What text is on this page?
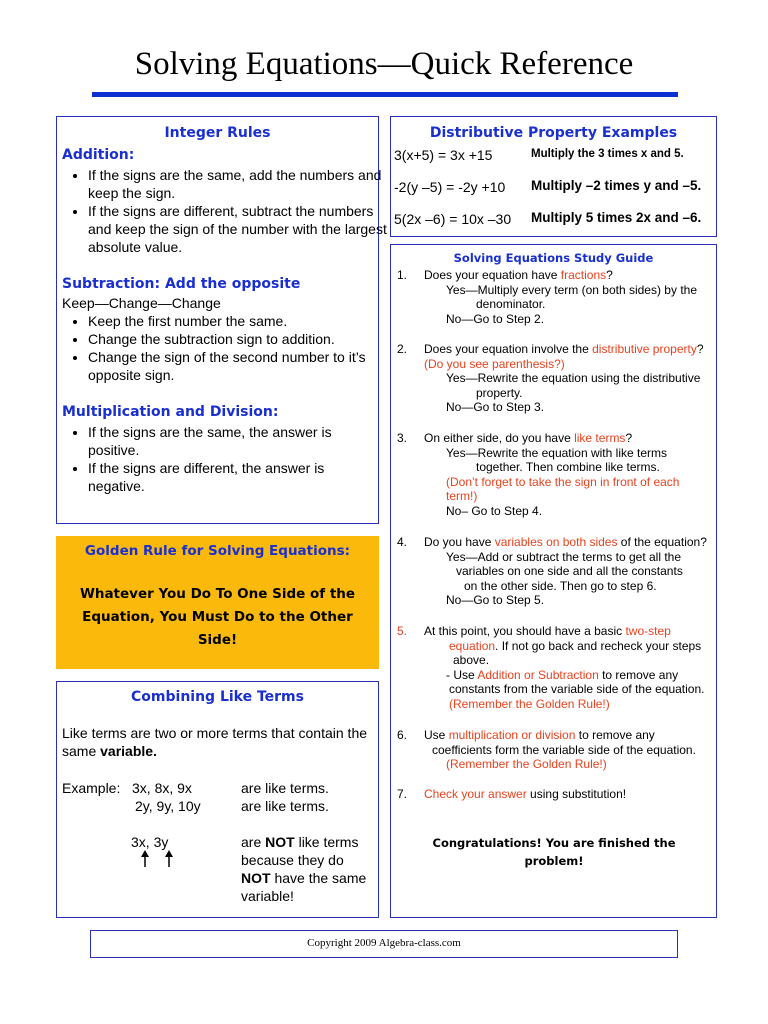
Solving Equations—Quick Reference
Integer Rules
Addition:
• If the signs are the same, add the numbers and keep the sign.
• If the signs are different, subtract the numbers and keep the sign of the number with the largest absolute value.
Subtraction: Add the opposite
Keep—Change—Change
• Keep the first number the same.
• Change the subtraction sign to addition.
• Change the sign of the second number to it’s opposite sign.
Multiplication and Division:
• If the signs are the same, the answer is positive.
• If the signs are different, the answer is negative.
Golden Rule for Solving Equations:
Whatever You Do To One Side of the Equation, You Must Do to the Other Side!
Combining Like Terms
Like terms are two or more terms that contain the same variable.
Example: 3x, 8x, 9x	are like terms.
2y, 9y, 10y	are like terms.
3x, 3y	are NOT like terms because they do NOT have the same variable!
Distributive Property Examples
3(x+5) = 3x +15	Multiply the 3 times x and 5.
-2(y –5) = -2y +10 Multiply –2 times y and –5.
5(2x –6) = 10x –30 Multiply 5 times 2x and –6.
Solving Equations Study Guide
1. Does your equation have fractions?
Yes—Multiply every term (on both sides) by the
denominator.
No—Go to Step 2.
2. Does your equation involve the distributive property?
(Do you see parenthesis?)
Yes—Rewrite the equation using the distributive
property.
No—Go to Step 3.
3. On either side, do you have like terms?
Yes—Rewrite the equation with like terms
together. Then combine like terms.
(Don’t forget to take the sign in front of each term!)
No– Go to Step 4.
4. Do you have variables on both sides of the equation?
Yes—Add or subtract the terms to get all the
variables on one side and all the constants
on the other side. Then go to step 6.
No—Go to Step 5.
5. At this point, you should have a basic two-step
equation. If not go back and recheck your steps
above.
- Use Addition or Subtraction to remove any
constants from the variable side of the equation.
(Remember the Golden Rule!)
6. Use multiplication or division to remove any
coefficients form the variable side of the equation.
(Remember the Golden Rule!)
7. Check your answer using substitution!
Congratulations! You are finished the problem!
Copyright 2009 Algebra-class.com
